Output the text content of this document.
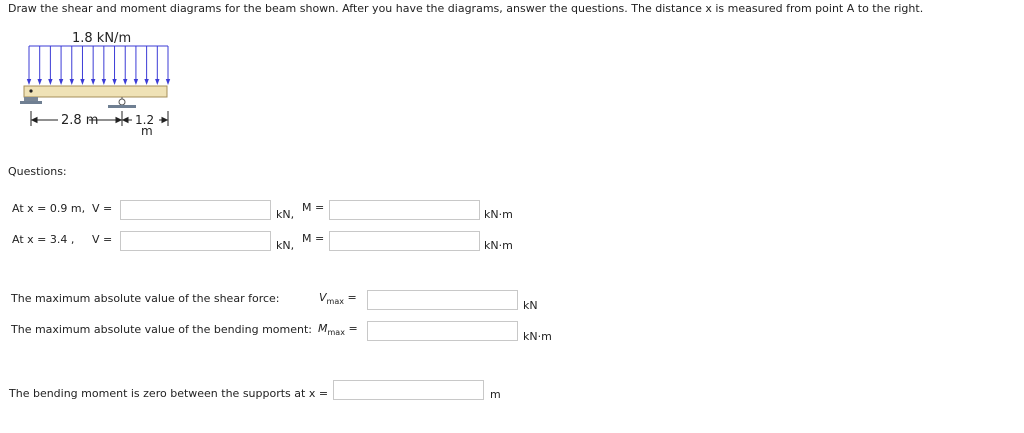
Draw the shear and moment diagrams for the beam shown. After you have the diagrams, answer the questions. The distance x is measured from point A to the right.
1.8 kN/m
2.8 m	1.2
m
Questions:
At x = 0.9 m, V =	kN,
M =
kN·m
At x = 3.4 , V =	kN,
M =
kN·m
The maximum absolute value of the shear force:	$V_{max}$ =
kN
The maximum absolute value of the bending moment: $M_{max}$ =
kN·m
The bending moment is zero between the supports at x =	m
